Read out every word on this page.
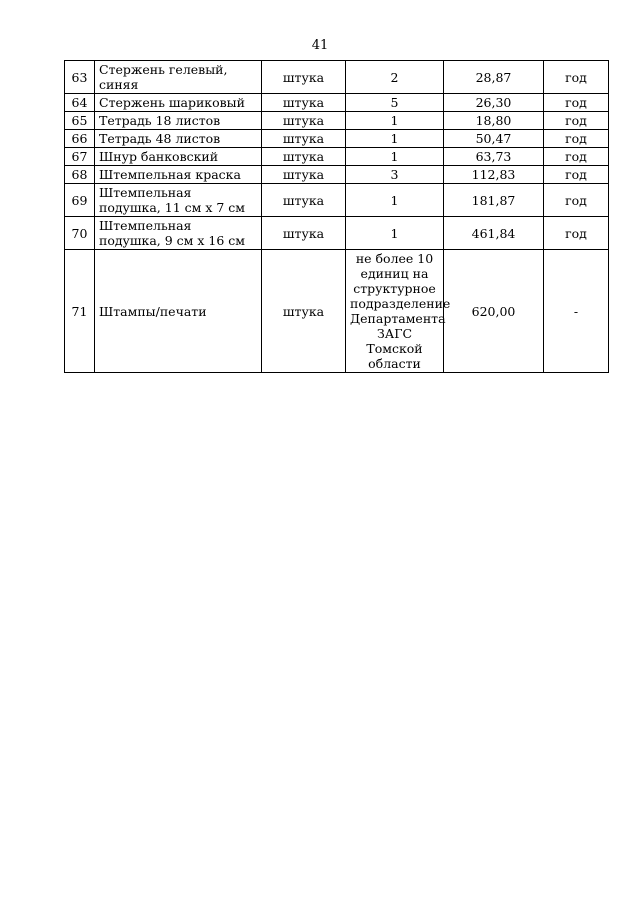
41
63	Стержень гелевый, синяя	штука	2	28,87	год
64	Стержень шариковый	штука	5	26,30	год
65	Тетрадь 18 листов	штука	1	18,80	год
66	Тетрадь 48 листов	штука	1	50,47	год
67	Шнур банковский	штука	1	63,73	год
68	Штемпельная краска	штука	3	112,83	год
69	Штемпельная подушка, 11 см х 7 см	штука	1	181,87	год
70	Штемпельная подушка, 9 см х 16 см	штука	1	461,84	год
71	Штампы/печати	штука	не более 10 единиц на структурное подразделение Департамента ЗАГС Томской области	620,00	-
